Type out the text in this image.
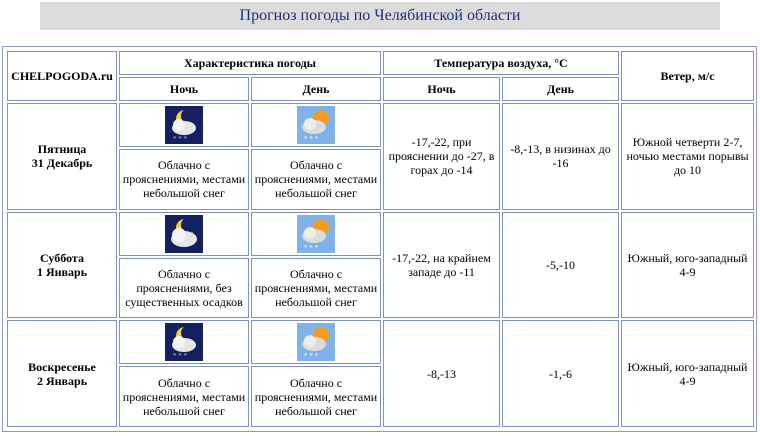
Прогноз погоды по Челябинской области
CHELPOGODA.ru	Характеристика погоды		Температура воздуха, °С		Ветер, м/с
	Ночь	День	Ночь	День	

Пятница
31 Декабрь	* * *	* * *	-17,-22, при прояснении до -27, в горах до -14	-8,-13, в низинах до -16	Южной четверти 2-7, ночью местами порывы до 10
	Облачно с прояснениями, местами небольшой снег	Облачно с прояснениями, местами небольшой снег			

Суббота
1 Январь		* * *	-17,-22, на крайнем западе до -11	-5,-10	Южный, юго-западный 4-9
	Облачно с прояснениями, без существенных осадков	Облачно с прояснениями, местами небольшой снег			

Воскресенье
2 Январь	* * *	* * *	-8,-13	-1,-6	Южный, юго-западный 4-9
	Облачно с прояснениями, местами небольшой снег	Облачно с прояснениями, местами небольшой снег			
